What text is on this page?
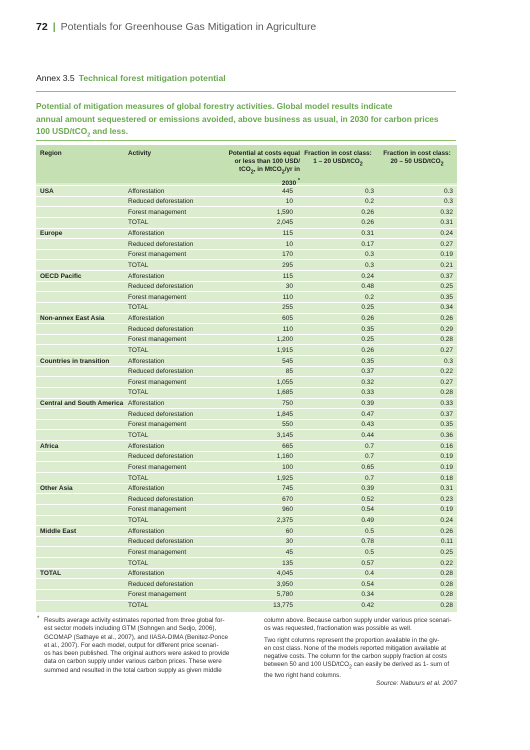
72 | Potentials for Greenhouse Gas Mitigation in Agriculture
Annex 3.5 Technical forest mitigation potential
Potential of mitigation measures of global forestry activities. Global model results indicate
annual amount sequestered or emissions avoided, above business as usual, in 2030 for carbon prices
100 USD/tCO$_2$ and less.
Region	Activity	Potential at costs equal
or less than 100 USD/
tCO$_2$, in MtCO$_2$/yr in
2030 *
Fraction in cost class:
1 – 20 USD/tCO$_2$
Fraction in cost class:
20 – 50 USD/tCO$_2$
USA	Afforestation	445	0.3	0.3
Reduced deforestation	10	0.2	0.3
Forest management	1,590	0.26	0.32
TOTAL	2,045	0.26	0.31
Europe	Afforestation	115	0.31	0.24
Reduced deforestation	10	0.17	0.27
Forest management	170	0.3	0.19
TOTAL	295	0.3	0.21
OECD Pacific	Afforestation	115	0.24	0.37
Reduced deforestation	30	0.48	0.25
Forest management	110	0.2	0.35
TOTAL	255	0.25	0.34
Non-annex East Asia	Afforestation	605	0.26	0.26
Reduced deforestation	110	0.35	0.29
Forest management	1,200	0.25	0.28
TOTAL	1,915	0.26	0.27
Countries in transition	Afforestation	545	0.35	0.3
Reduced deforestation	85	0.37	0.22
Forest management	1,055	0.32	0.27
TOTAL	1,685	0.33	0.28
Central and South America Afforestation	750	0.39	0.33
Reduced deforestation	1,845	0.47	0.37
Forest management	550	0.43	0.35
TOTAL	3,145	0.44	0.36
Africa	Afforestation	665	0.7	0.16
Reduced deforestation	1,160	0.7	0.19
Forest management	100	0.65	0.19
TOTAL	1,925	0.7	0.18
Other Asia	Afforestation	745	0.39	0.31
Reduced deforestation	670	0.52	0.23
Forest management	960	0.54	0.19
TOTAL	2,375	0.49	0.24
Middle East	Afforestation	60	0.5	0.26
Reduced deforestation	30	0.78	0.11
Forest management	45	0.5	0.25
TOTAL	135	0.57	0.22
TOTAL	Afforestation	4,045	0.4	0.28
Reduced deforestation	3,950	0.54	0.28
Forest management	5,780	0.34	0.28
TOTAL	13,775	0.42	0.28
* Results average activity estimates reported from three global for-
est sector models including GTM (Sohngen and Sedjo, 2006),
GCOMAP (Sathaye et al., 2007), and IIASA-DIMA (Benitez-Ponce
et al., 2007). For each model, output for different price scenari-
os has been published. The original authors were asked to provide
data on carbon supply under various carbon prices. These were
summed and resulted in the total carbon supply as given middle

column above. Because carbon supply under various price scenari-
os was requested, fractionation was possible as well.

Two right columns represent the proportion available in the giv-
en cost class. None of the models reported mitigation available at
negative costs. The column for the carbon supply fraction at costs
between 50 and 100 USD/tCO$_2$ can easily be derived as 1- sum of
the two right hand columns.

Source: Nabuurs et al. 2007
